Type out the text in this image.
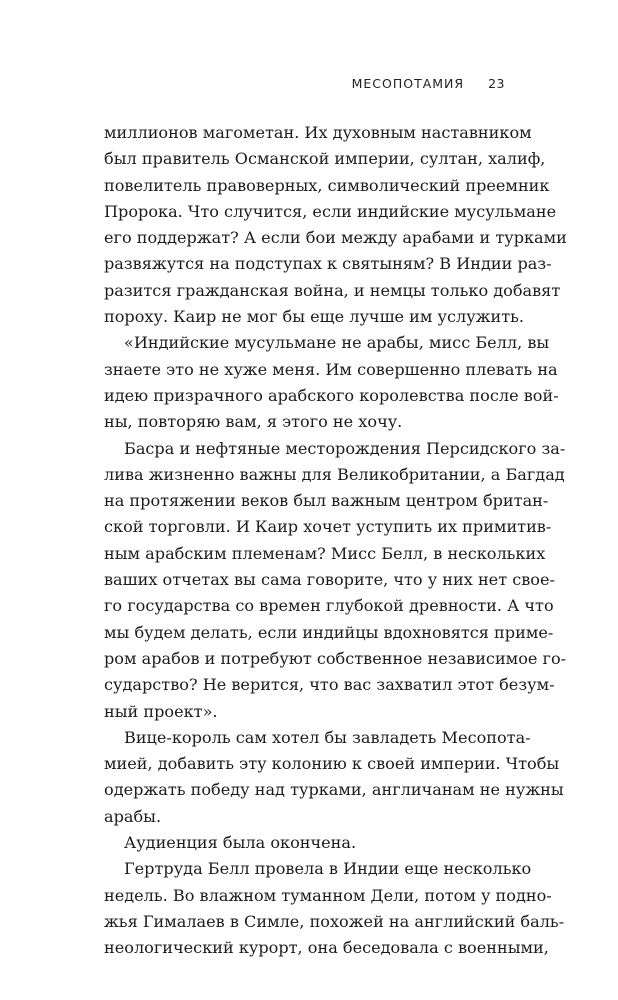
МЕСОПОТАМИЯ 23
миллионов магометан. Их духовным наставником
был правитель Османской империи, султан, халиф,
повелитель правоверных, символический преемник
Пророка. Что случится, если индийские мусульмане
его поддержат? А если бои между арабами и турками
развяжутся на подступах к святыням? В Индии раз-
разится гражданская война, и немцы только добавят
пороху. Каир не мог бы еще лучше им услужить.
«Индийские мусульмане не арабы, мисс Белл, вы
знаете это не хуже меня. Им совершенно плевать на
идею призрачного арабского королевства после вой-
ны, повторяю вам, я этого не хочу.
Басра и нефтяные месторождения Персидского за-
лива жизненно важны для Великобритании, а Багдад
на протяжении веков был важным центром британ-
ской торговли. И Каир хочет уступить их примитив-
ным арабским племенам? Мисс Белл, в нескольких
ваших отчетах вы сама говорите, что у них нет свое-
го государства со времен глубокой древности. А что
мы будем делать, если индийцы вдохновятся приме-
ром арабов и потребуют собственное независимое го-
сударство? Не верится, что вас захватил этот безум-
ный проект».
Вице-король сам хотел бы завладеть Месопота-
мией, добавить эту колонию к своей империи. Чтобы
одержать победу над турками, англичанам не нужны
арабы.
Аудиенция была окончена.
Гертруда Белл провела в Индии еще несколько
недель. Во влажном туманном Дели, потом у подно-
жья Гималаев в Симле, похожей на английский баль-
неологический курорт, она беседовала с военными,
